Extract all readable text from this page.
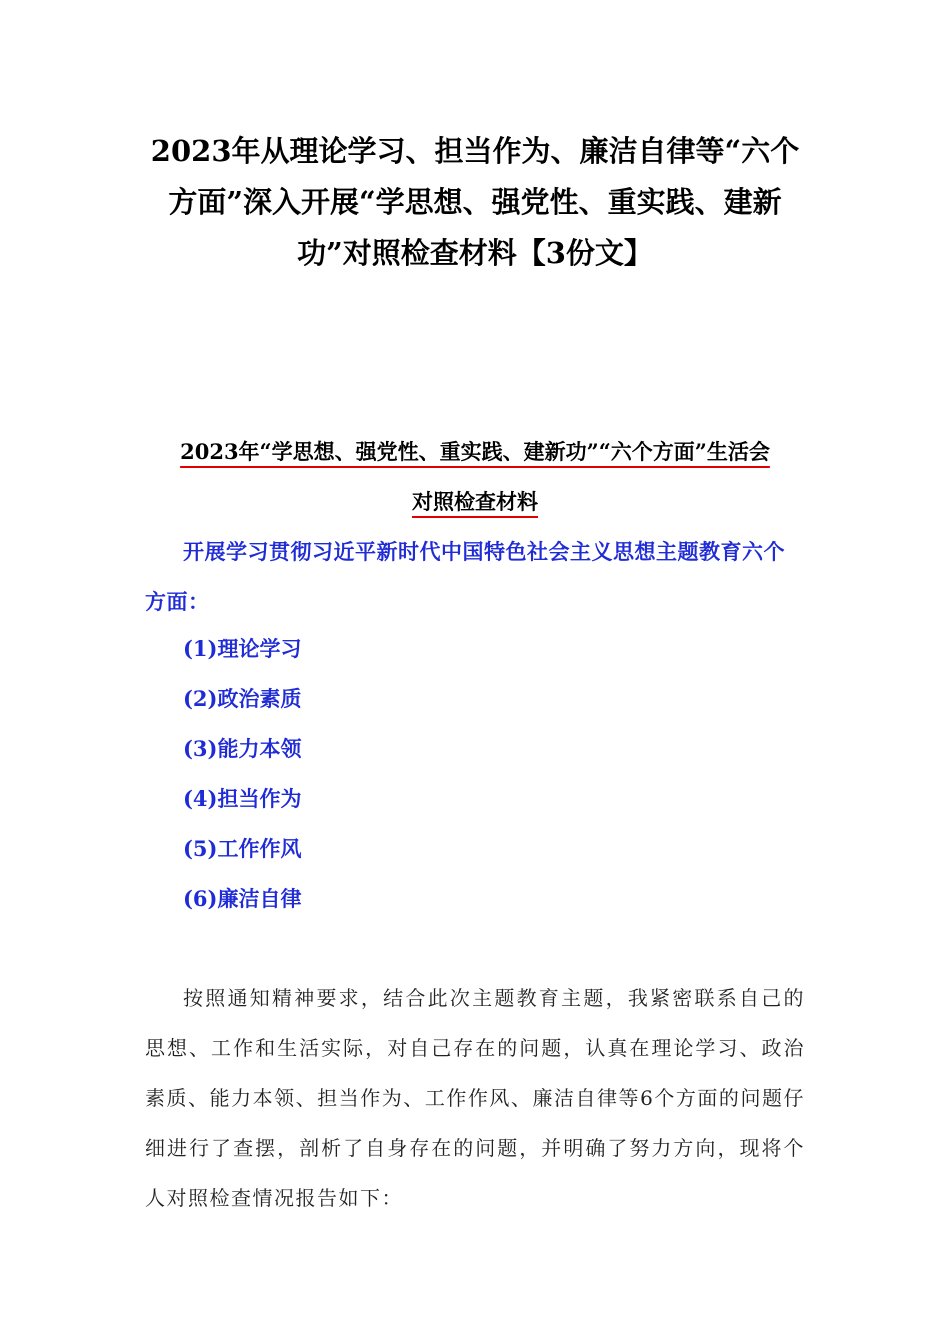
2023年从理论学习、担当作为、廉洁自律等“六个
方面”深入开展“学思想、强党性、重实践、建新
功”对照检查材料【3份文】
2023年“学思想、强党性、重实践、建新功”“六个方面”生活会
对照检查材料
开展学习贯彻习近平新时代中国特色社会主义思想主题教育六个方面：
(1)理论学习
(2)政治素质
(3)能力本领
(4)担当作为
(5)工作作风
(6)廉洁自律
按照通知精神要求，结合此次主题教育主题，我紧密联系自己的思想、工作和生活实际，对自己存在的问题，认真在理论学习、政治素质、能力本领、担当作为、工作作风、廉洁自律等6个方面的问题仔细进行了查摆，剖析了自身存在的问题，并明确了努力方向，现将个人对照检查情况报告如下：
